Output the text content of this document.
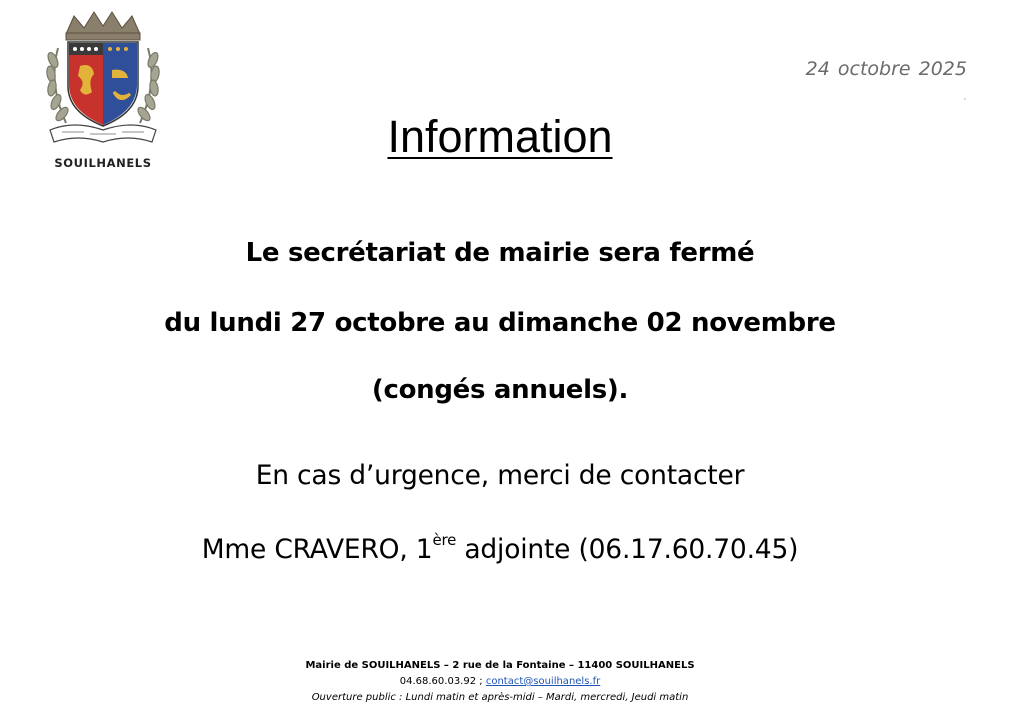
SOUILHANELS
24 octobre 2025
Information
Le secrétariat de mairie sera fermé
du lundi 27 octobre au dimanche 02 novembre
(congés annuels).
En cas d’urgence, merci de contacter
Mme CRAVERO, 1ère adjointe (06.17.60.70.45)
Mairie de SOUILHANELS – 2 rue de la Fontaine – 11400 SOUILHANELS
04.68.60.03.92 ; contact@souilhanels.fr
Ouverture public : Lundi matin et après-midi – Mardi, mercredi, Jeudi matin
